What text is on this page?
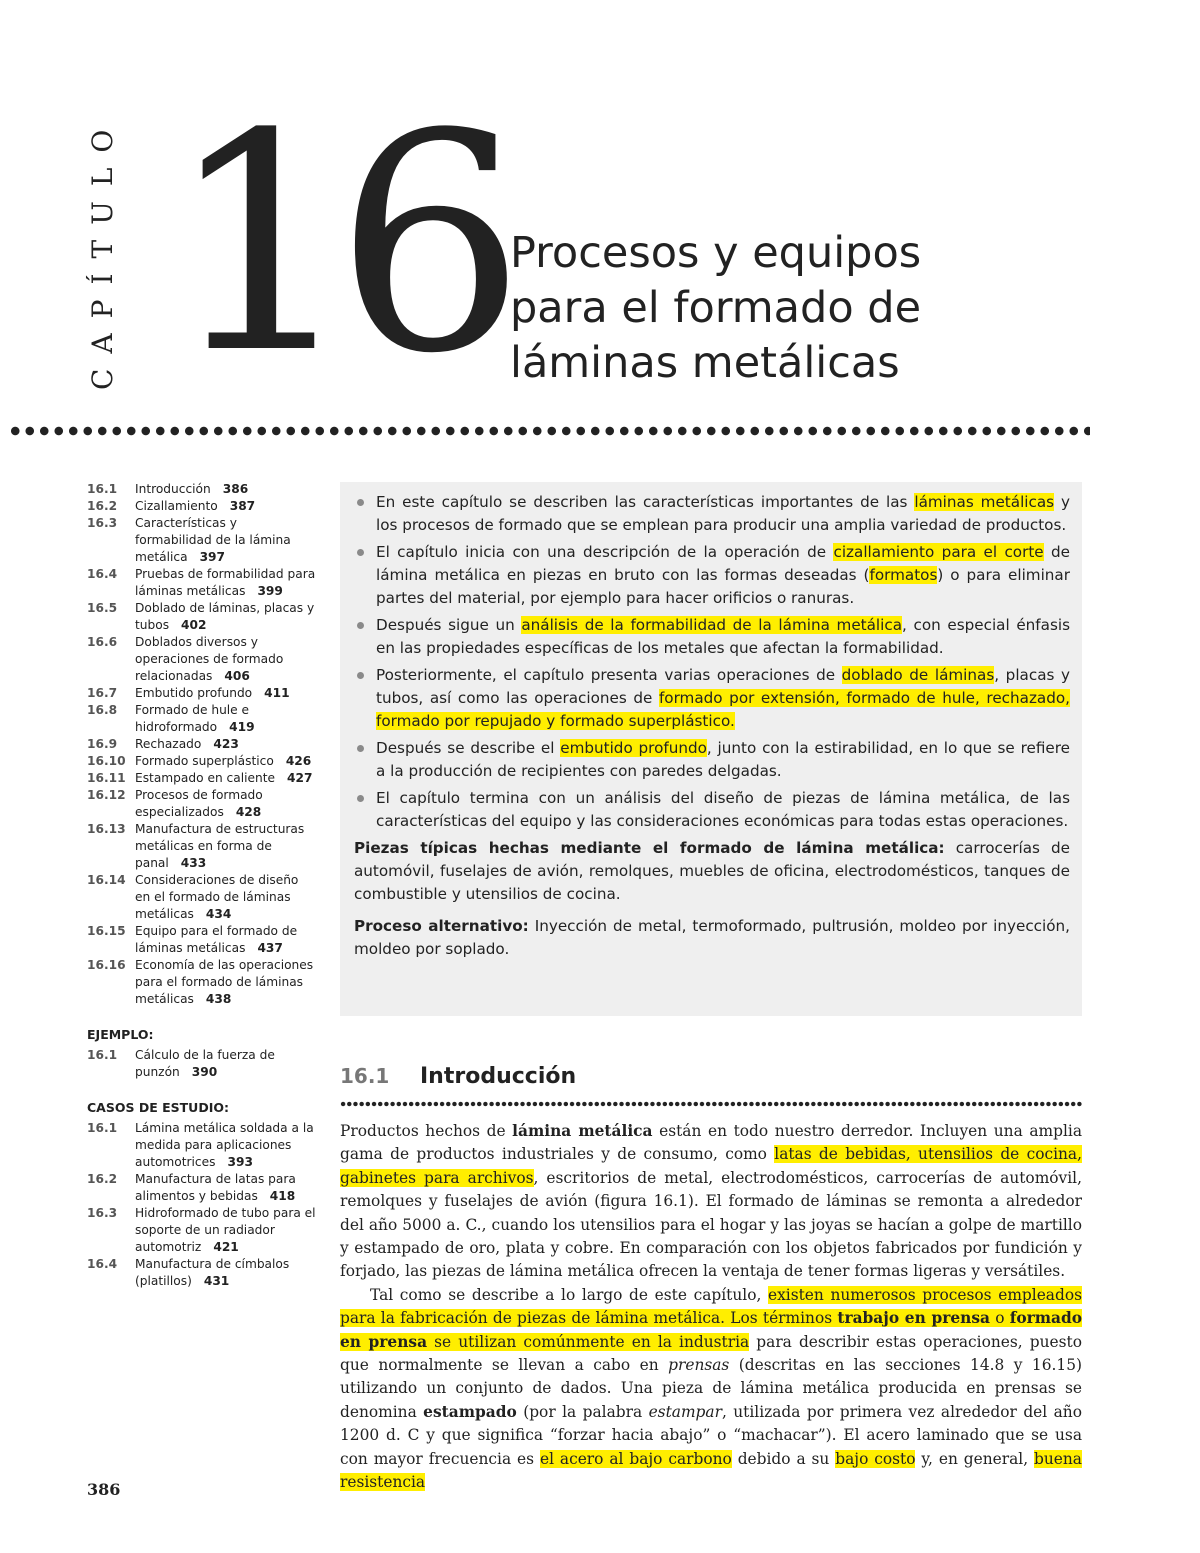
CAPÍTULO 16 Procesos y equipos
para el formado de
láminas metálicas
16.1	Introducción 386
16.2	Cizallamiento 387
16.3	Características y formabilidad de la lámina metálica 397
16.4	Pruebas de formabilidad para láminas metálicas 399
16.5	Doblado de láminas, placas y tubos 402
16.6	Doblados diversos y operaciones de formado relacionadas 406
16.7	Embutido profundo 411
16.8	Formado de hule e hidroformado 419
16.9	Rechazado 423
16.10 Formado superplástico 426
16.11 Estampado en caliente 427
16.12 Procesos de formado especializados 428
16.13 Manufactura de estructuras metálicas en forma de panal 433
16.14 Consideraciones de diseño en el formado de láminas metálicas 434
16.15 Equipo para el formado de láminas metálicas 437
16.16 Economía de las operaciones para el formado de láminas metálicas 438
EJEMPLO:
16.1	Cálculo de la fuerza de punzón 390
CASOS DE ESTUDIO:
16.1	Lámina metálica soldada a la medida para aplicaciones automotrices 393
16.2	Manufactura de latas para alimentos y bebidas 418
16.3	Hidroformado de tubo para el soporte de un radiador automotriz 421
16.4	Manufactura de címbalos (platillos) 431
386
En este capítulo se describen las características importantes de las láminas metálicas y los procesos de formado que se emplean para producir una amplia variedad de productos.
El capítulo inicia con una descripción de la operación de cizallamiento para el corte de lámina metálica en piezas en bruto con las formas deseadas (formatos) o para eliminar partes del material, por ejemplo para hacer orificios o ranuras.
Después sigue un análisis de la formabilidad de la lámina metálica, con especial énfasis en las propiedades específicas de los metales que afectan la formabilidad.
Posteriormente, el capítulo presenta varias operaciones de doblado de láminas, placas y tubos, así como las operaciones de formado por extensión, formado de hule, rechazado, formado por repujado y formado superplástico.
Después se describe el embutido profundo, junto con la estirabilidad, en lo que se refiere a la producción de recipientes con paredes delgadas.
El capítulo termina con un análisis del diseño de piezas de lámina metálica, de las características del equipo y las consideraciones económicas para todas estas operaciones.
Piezas típicas hechas mediante el formado de lámina metálica: carrocerías de automóvil, fuselajes de avión, remolques, muebles de oficina, electrodomésticos, tanques de combustible y utensilios de cocina.
Proceso alternativo: Inyección de metal, termoformado, pultrusión, moldeo por inyección, moldeo por soplado.
16.1 Introducción

Productos hechos de lámina metálica están en todo nuestro derredor. Incluyen una amplia gama de productos industriales y de consumo, como latas de bebidas, utensilios de cocina, gabinetes para archivos, escritorios de metal, electrodomésticos, carrocerías de automóvil, remolques y fuselajes de avión (figura 16.1). El formado de láminas se remonta a alrededor del año 5000 a. C., cuando los utensilios para el hogar y las joyas se hacían a golpe de martillo y estampado de oro, plata y cobre. En comparación con los objetos fabricados por fundición y forjado, las piezas de lámina metálica ofrecen la ventaja de tener formas ligeras y versátiles.

Tal como se describe a lo largo de este capítulo, existen numerosos procesos empleados para la fabricación de piezas de lámina metálica. Los términos trabajo en prensa o formado en prensa se utilizan comúnmente en la industria para describir estas operaciones, puesto que normalmente se llevan a cabo en prensas (descritas en las secciones 14.8 y 16.15) utilizando un conjunto de dados. Una pieza de lámina metálica producida en prensas se denomina estampado (por la palabra estampar, utilizada por primera vez alrededor del año 1200 d. C y que significa “forzar hacia abajo” o “machacar”). El acero laminado que se usa con mayor frecuencia es el acero al bajo carbono debido a su bajo costo y, en general, buena resistencia
